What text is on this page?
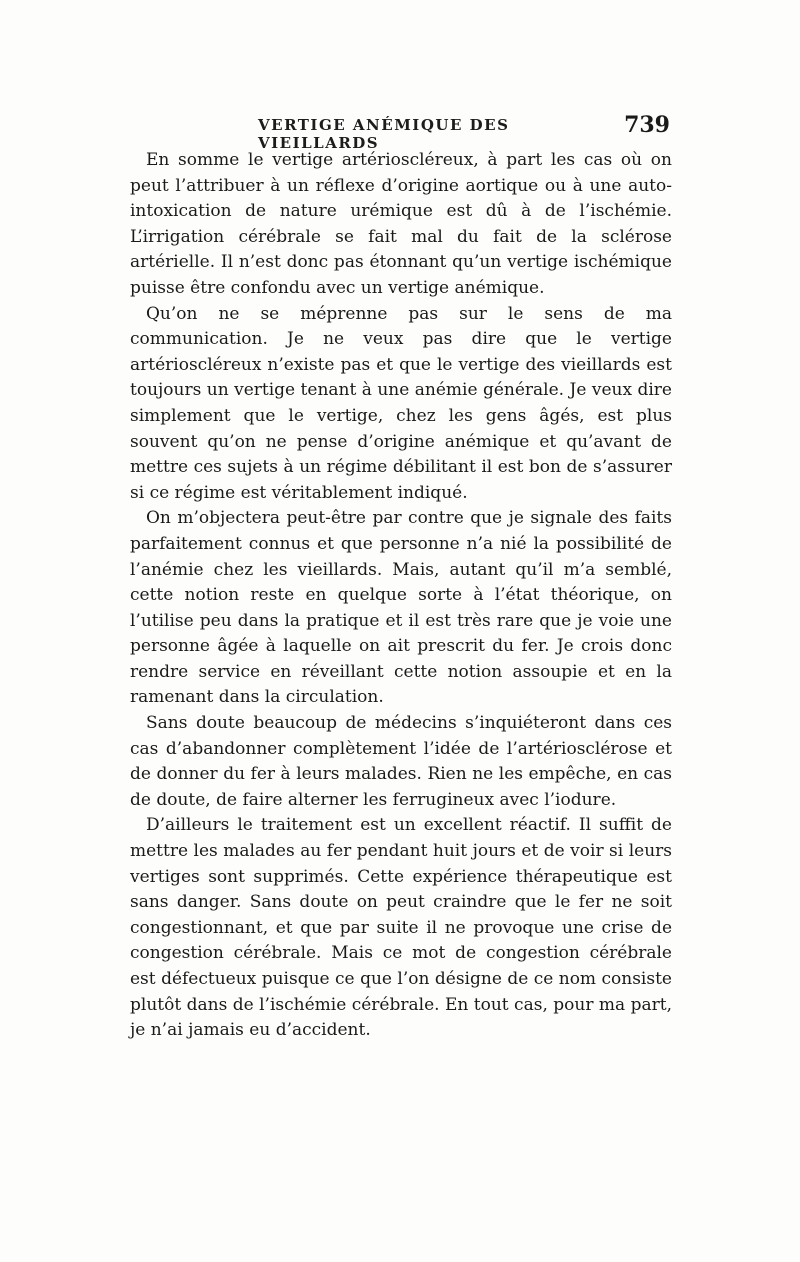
VERTIGE ANÉMIQUE DES VIEILLARDS
739

En somme le vertige artérioscléreux, à part les cas où on peut l’attribuer à un réflexe d’origine aortique ou à une auto-intoxication de nature urémique est dû à de l’ischémie. L’irrigation cérébrale se fait mal du fait de la sclérose artérielle. Il n’est donc pas étonnant qu’un vertige ischémique puisse être confondu avec un vertige anémique.

Qu’on ne se méprenne pas sur le sens de ma communication. Je ne veux pas dire que le vertige artérioscléreux n’existe pas et que le vertige des vieillards est toujours un vertige tenant à une anémie générale. Je veux dire simplement que le vertige, chez les gens âgés, est plus souvent qu’on ne pense d’origine anémique et qu’avant de mettre ces sujets à un régime débilitant il est bon de s’assurer si ce régime est véritablement indiqué.

On m’objectera peut-être par contre que je signale des faits parfaitement connus et que personne n’a nié la possibilité de l’anémie chez les vieillards. Mais, autant qu’il m’a semblé, cette notion reste en quelque sorte à l’état théorique, on l’utilise peu dans la pratique et il est très rare que je voie une personne âgée à laquelle on ait prescrit du fer. Je crois donc rendre service en réveillant cette notion assoupie et en la ramenant dans la circulation.

Sans doute beaucoup de médecins s’inquiéteront dans ces cas d’abandonner complètement l’idée de l’artériosclérose et de donner du fer à leurs malades. Rien ne les empêche, en cas de doute, de faire alterner les ferrugineux avec l’iodure.

D’ailleurs le traitement est un excellent réactif. Il suffit de mettre les malades au fer pendant huit jours et de voir si leurs vertiges sont supprimés. Cette expérience thérapeutique est sans danger. Sans doute on peut craindre que le fer ne soit congestionnant, et que par suite il ne provoque une crise de congestion cérébrale. Mais ce mot de congestion cérébrale est défectueux puisque ce que l’on désigne de ce nom consiste plutôt dans de l’ischémie cérébrale. En tout cas, pour ma part, je n’ai jamais eu d’accident.
